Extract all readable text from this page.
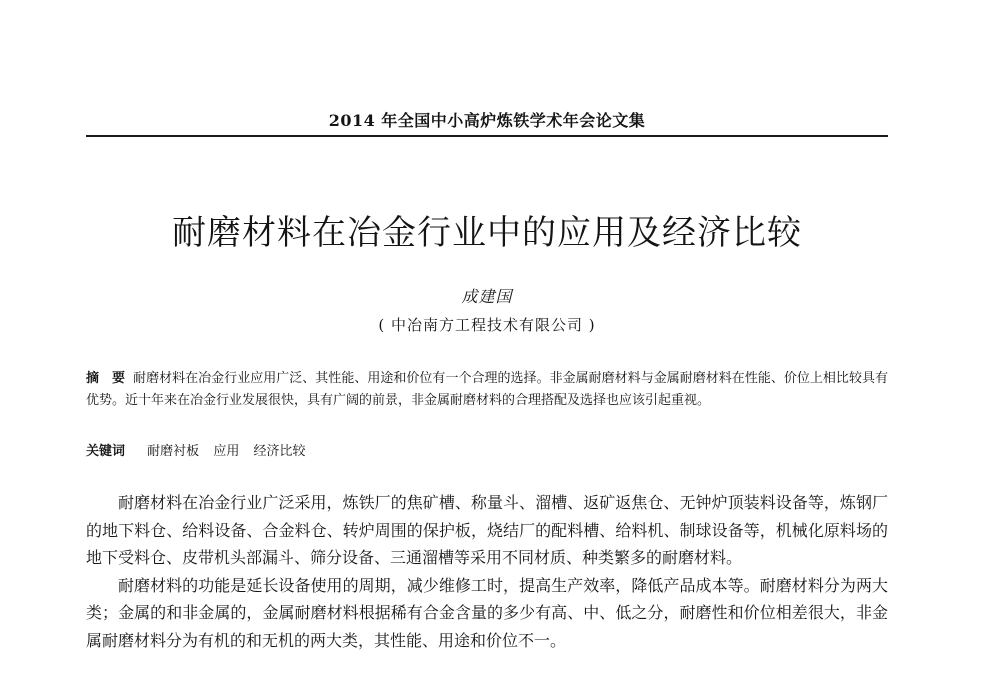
2014 年全国中小高炉炼铁学术年会论文集
耐磨材料在冶金行业中的应用及经济比较
成建国
( 中冶南方工程技术有限公司 )
摘　要 耐磨材料在冶金行业应用广泛、其性能、用途和价位有一个合理的选择。非金属耐磨材料与金属耐磨材料在性能、价位上相比较具有优势。近十年来在冶金行业发展很快，具有广阔的前景，非金属耐磨材料的合理搭配及选择也应该引起重视。
关键词 耐磨衬板 应用 经济比较

耐磨材料在冶金行业广泛采用，炼铁厂的焦矿槽、称量斗、溜槽、返矿返焦仓、无钟炉顶装料设备等，炼钢厂的地下料仓、给料设备、合金料仓、转炉周围的保护板，烧结厂的配料槽、给料机、制球设备等，机械化原料场的地下受料仓、皮带机头部漏斗、筛分设备、三通溜槽等采用不同材质、种类繁多的耐磨材料。

耐磨材料的功能是延长设备使用的周期，减少维修工时，提高生产效率，降低产品成本等。耐磨材料分为两大类；金属的和非金属的，金属耐磨材料根据稀有合金含量的多少有高、中、低之分，耐磨性和价位相差很大，非金属耐磨材料分为有机的和无机的两大类，其性能、用途和价位不一。
